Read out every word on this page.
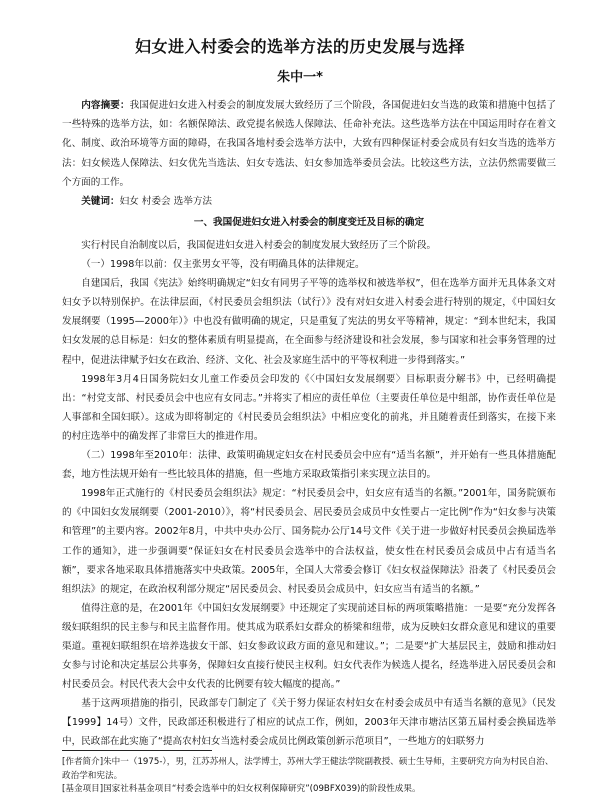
妇女进入村委会的选举方法的历史发展与选择
朱中一*
内容摘要：我国促进妇女进入村委会的制度发展大致经历了三个阶段，各国促进妇女当选的政策和措施中包括了一些特殊的选举方法，如：名额保障法、政党提名候选人保障法、任命补充法。这些选举方法在中国运用时存在着文化、制度、政治环境等方面的障碍，在我国各地村委会选举方法中，大致有四种保证村委会成员有妇女当选的选举方法：妇女候选人保障法、妇女优先当选法、妇女专选法、妇女参加选举委员会法。比较这些方法，立法仍然需要做三个方面的工作。
关键词：妇女 村委会 选举方法
一、我国促进妇女进入村委会的制度变迁及目标的确定

实行村民自治制度以后，我国促进妇女进入村委会的制度发展大致经历了三个阶段。

（一）1998年以前：仅主张男女平等，没有明确具体的法律规定。

自建国后，我国《宪法》始终明确规定“妇女有同男子平等的选举权和被选举权”，但在选举方面并无具体条文对妇女予以特别保护。在法律层面，《村民委员会组织法（试行）》没有对妇女进入村委会进行特别的规定，《中国妇女发展纲要（1995—2000年）》中也没有做明确的规定，只是重复了宪法的男女平等精神，规定：“到本世纪末，我国妇女发展的总目标是：妇女的整体素质有明显提高，在全面参与经济建设和社会发展，参与国家和社会事务管理的过程中，促进法律赋予妇女在政治、经济、文化、社会及家庭生活中的平等权利进一步得到落实。”

1998年3月4日国务院妇女儿童工作委员会印发的《〈中国妇女发展纲要〉目标职责分解书》中，已经明确提出：“村党支部、村民委员会中也应有女同志。”并将实了相应的责任单位（主要责任单位是中组部，协作责任单位是人事部和全国妇联）。这成为即将制定的《村民委员会组织法》中相应变化的前兆，并且随着责任到落实，在接下来的村庄选举中的确发挥了非常巨大的推进作用。

（二）1998年至2010年：法律、政策明确规定妇女在村民委员会中应有“适当名额”，并开始有一些具体措施配套，地方性法规开始有一些比较具体的措施，但一些地方采取政策指引来实现立法目的。

1998年正式施行的《村民委员会组织法》规定：“村民委员会中，妇女应有适当的名额。”2001年，国务院颁布的《中国妇女发展纲要（2001-2010）》，将“村民委员会、居民委员会成员中女性要占一定比例”作为“妇女参与决策和管理”的主要内容。2002年8月，中共中央办公厅、国务院办公厅14号文件《关于进一步做好村民委员会换届选举工作的通知》，进一步强调要“保证妇女在村民委员会选举中的合法权益，使女性在村民委员会成员中占有适当名额”，要求各地采取具体措施落实中央政策。2005年，全国人大常委会修订《妇女权益保障法》沿袭了《村民委员会组织法》的规定，在政治权利部分规定“居民委员会、村民委员会成员中，妇女应当有适当的名额。”

值得注意的是，在2001年《中国妇女发展纲要》中还规定了实现前述目标的两项策略措施：一是要“充分发挥各级妇联组织的民主参与和民主监督作用。使其成为联系妇女群众的桥梁和纽带，成为反映妇女群众意见和建议的重要渠道。重视妇联组织在培养选拔女干部、妇女参政议政方面的意见和建议。”；二是要“扩大基层民主，鼓励和推动妇女参与讨论和决定基层公共事务，保障妇女直接行使民主权利。妇女代表作为候选人提名，经选举进入居民委员会和村民委员会。村民代表大会中女代表的比例要有较大幅度的提高。”

基于这两项措施的指引，民政部专门制定了《关于努力保证农村妇女在村委会成员中有适当名额的意见》（民发【1999】14号）文件，民政部还积极进行了相应的试点工作，例如，2003年天津市塘沽区第五届村委会换届选举中，民政部在此实施了“提高农村妇女当选村委会成员比例政策创新示范项目”，一些地方的妇联努力

[作者简介]朱中一（1975-），男，江苏苏州人，法学博士，苏州大学王健法学院副教授、硕士生导师，主要研究方向为村民自治、政治学和宪法。

[基金项目]国家社科基金项目“村委会选举中的妇女权利保障研究”(09BFX039)的阶段性成果。
